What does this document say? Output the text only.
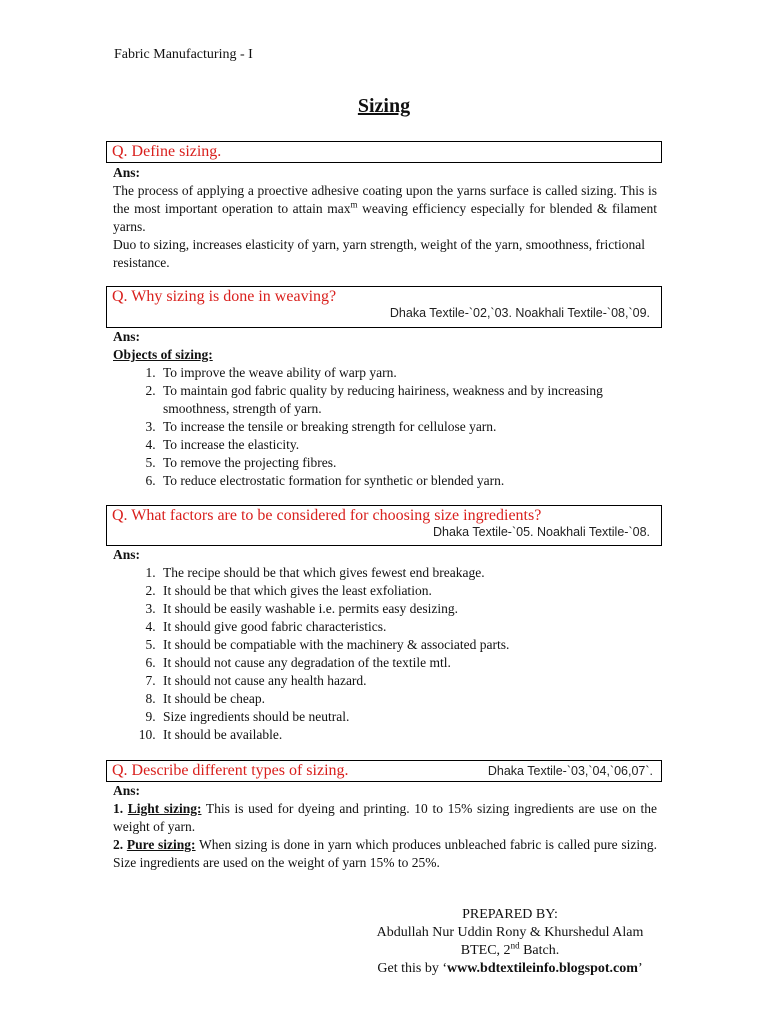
Fabric Manufacturing - I
Sizing
Q. Define sizing.
Ans:
The process of applying a proective adhesive coating upon the yarns surface is called sizing. This is the most important operation to attain $\max^m$ weaving efficiency especially for blended & filament yarns.
Duo to sizing, increases elasticity of yarn, yarn strength, weight of the yarn, smoothness, frictional resistance.
Q. Why sizing is done in weaving?
Dhaka Textile-`02,`03. Noakhali Textile-`08,`09.
Ans:
Objects of sizing:
1. To improve the weave ability of warp yarn.
2. To maintain god fabric quality by reducing hairiness, weakness and by increasing smoothness, strength of yarn.
3. To increase the tensile or breaking strength for cellulose yarn.
4. To increase the elasticity.
5. To remove the projecting fibres.
6. To reduce electrostatic formation for synthetic or blended yarn.
Q. What factors are to be considered for choosing size ingredients?
Dhaka Textile-`05. Noakhali Textile-`08.
Ans:
1. The recipe should be that which gives fewest end breakage.
2. It should be that which gives the least exfoliation.
3. It should be easily washable i.e. permits easy desizing.
4. It should give good fabric characteristics.
5. It should be compatiable with the machinery & associated parts.
6. It should not cause any degradation of the textile mtl.
7. It should not cause any health hazard.
8. It should be cheap.
9. Size ingredients should be neutral.
10. It should be available.
Q. Describe different types of sizing.	Dhaka Textile-`03,`04,`06,07`.
Ans:
1. Light sizing: This is used for dyeing and printing. 10 to 15% sizing ingredients are use on the weight of yarn.
2. Pure sizing: When sizing is done in yarn which produces unbleached fabric is called pure sizing. Size ingredients are used on the weight of yarn 15% to 25%.
PREPARED BY:
Abdullah Nur Uddin Rony & Khurshedul Alam
BTEC, 2nd Batch.
Get this by ‘www.bdtextileinfo.blogspot.com’
